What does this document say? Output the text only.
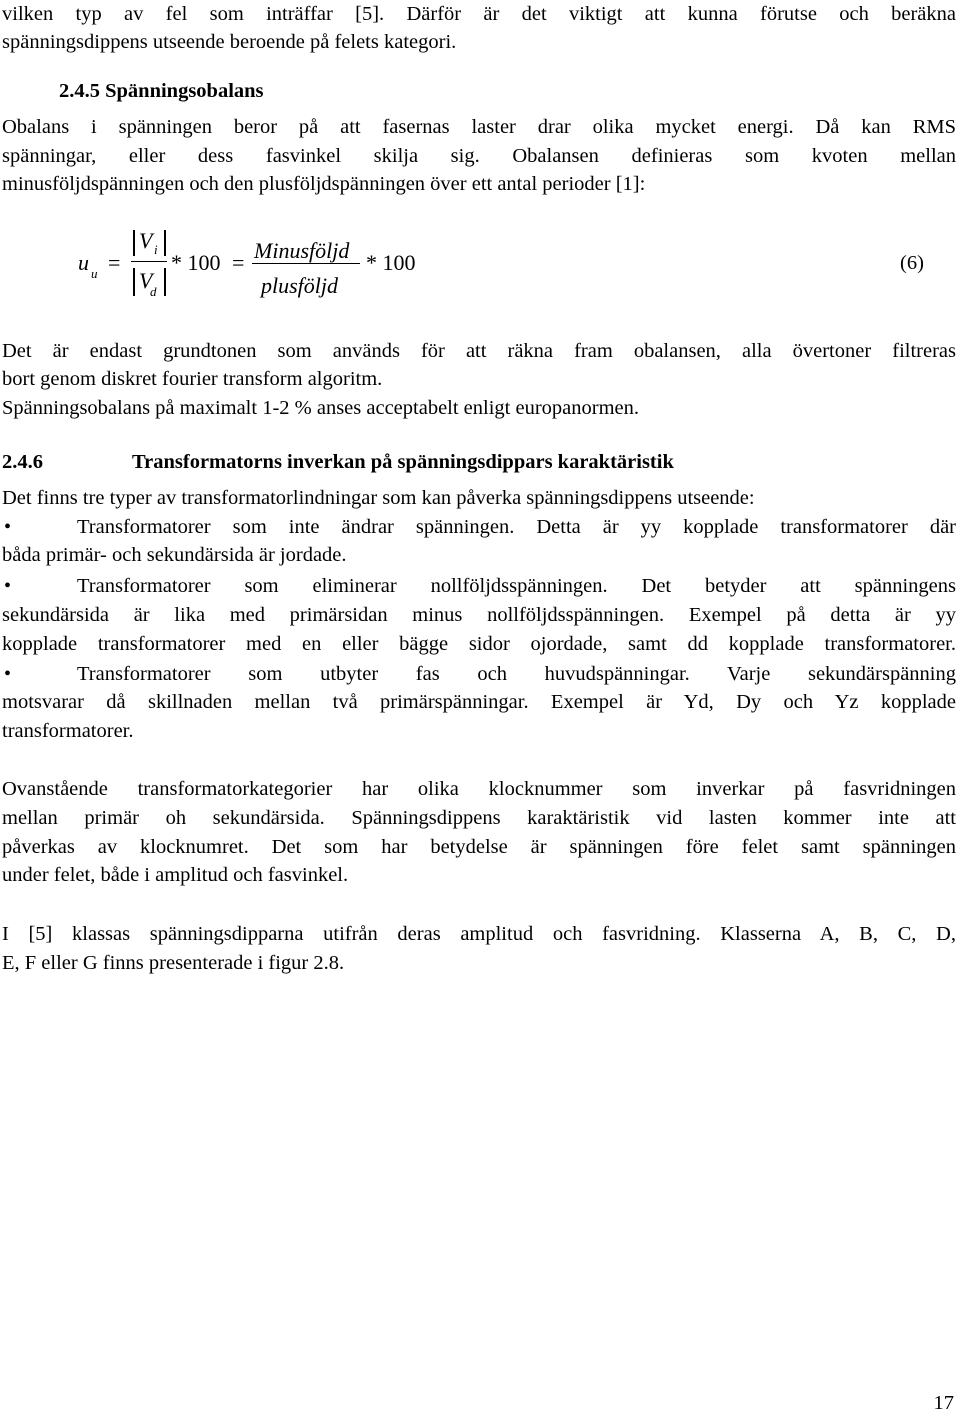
vilken typ av fel som inträffar [5]. Därför är det viktigt att kunna förutse och beräkna
spänningsdippens utseende beroende på felets kategori.
2.4.5 Spänningsobalans
Obalans i spänningen beror på att fasernas laster drar olika mycket energi. Då kan RMS
spänningar, eller dess fasvinkel skilja sig. Obalansen definieras som kvoten mellan
minusföljdspänningen och den plusföljdspänningen över ett antal perioder [1]:
u u =
V i
V
d
* 100 = Minusföljd
plusföljd
* 100	(6)
Det är endast grundtonen som används för att räkna fram obalansen, alla övertoner filtreras
bort genom diskret fourier transform algoritm.
Spänningsobalans på maximalt 1-2 % anses acceptabelt enligt europanormen.
2.4.6	Transformatorns inverkan på spänningsdippars karaktäristik
Det finns tre typer av transformatorlindningar som kan påverka spänningsdippens utseende:
•	Transformatorer som inte ändrar spänningen. Detta är yy kopplade transformatorer där
båda primär- och sekundärsida är jordade.
•	Transformatorer som eliminerar nollföljdsspänningen. Det betyder att spänningens
sekundärsida är lika med primärsidan minus nollföljdsspänningen. Exempel på detta är yy
kopplade transformatorer med en eller bägge sidor ojordade, samt dd kopplade transformatorer.
•	Transformatorer som utbyter fas och huvudspänningar. Varje sekundärspänning
motsvarar då skillnaden mellan två primärspänningar. Exempel är Yd, Dy och Yz kopplade
transformatorer.
Ovanstående transformatorkategorier har olika klocknummer som inverkar på fasvridningen
mellan primär oh sekundärsida. Spänningsdippens karaktäristik vid lasten kommer inte att
påverkas av klocknumret. Det som har betydelse är spänningen före felet samt spänningen
under felet, både i amplitud och fasvinkel.
I [5] klassas spänningsdipparna utifrån deras amplitud och fasvridning. Klasserna A, B, C, D,
E, F eller G finns presenterade i figur 2.8.
17
